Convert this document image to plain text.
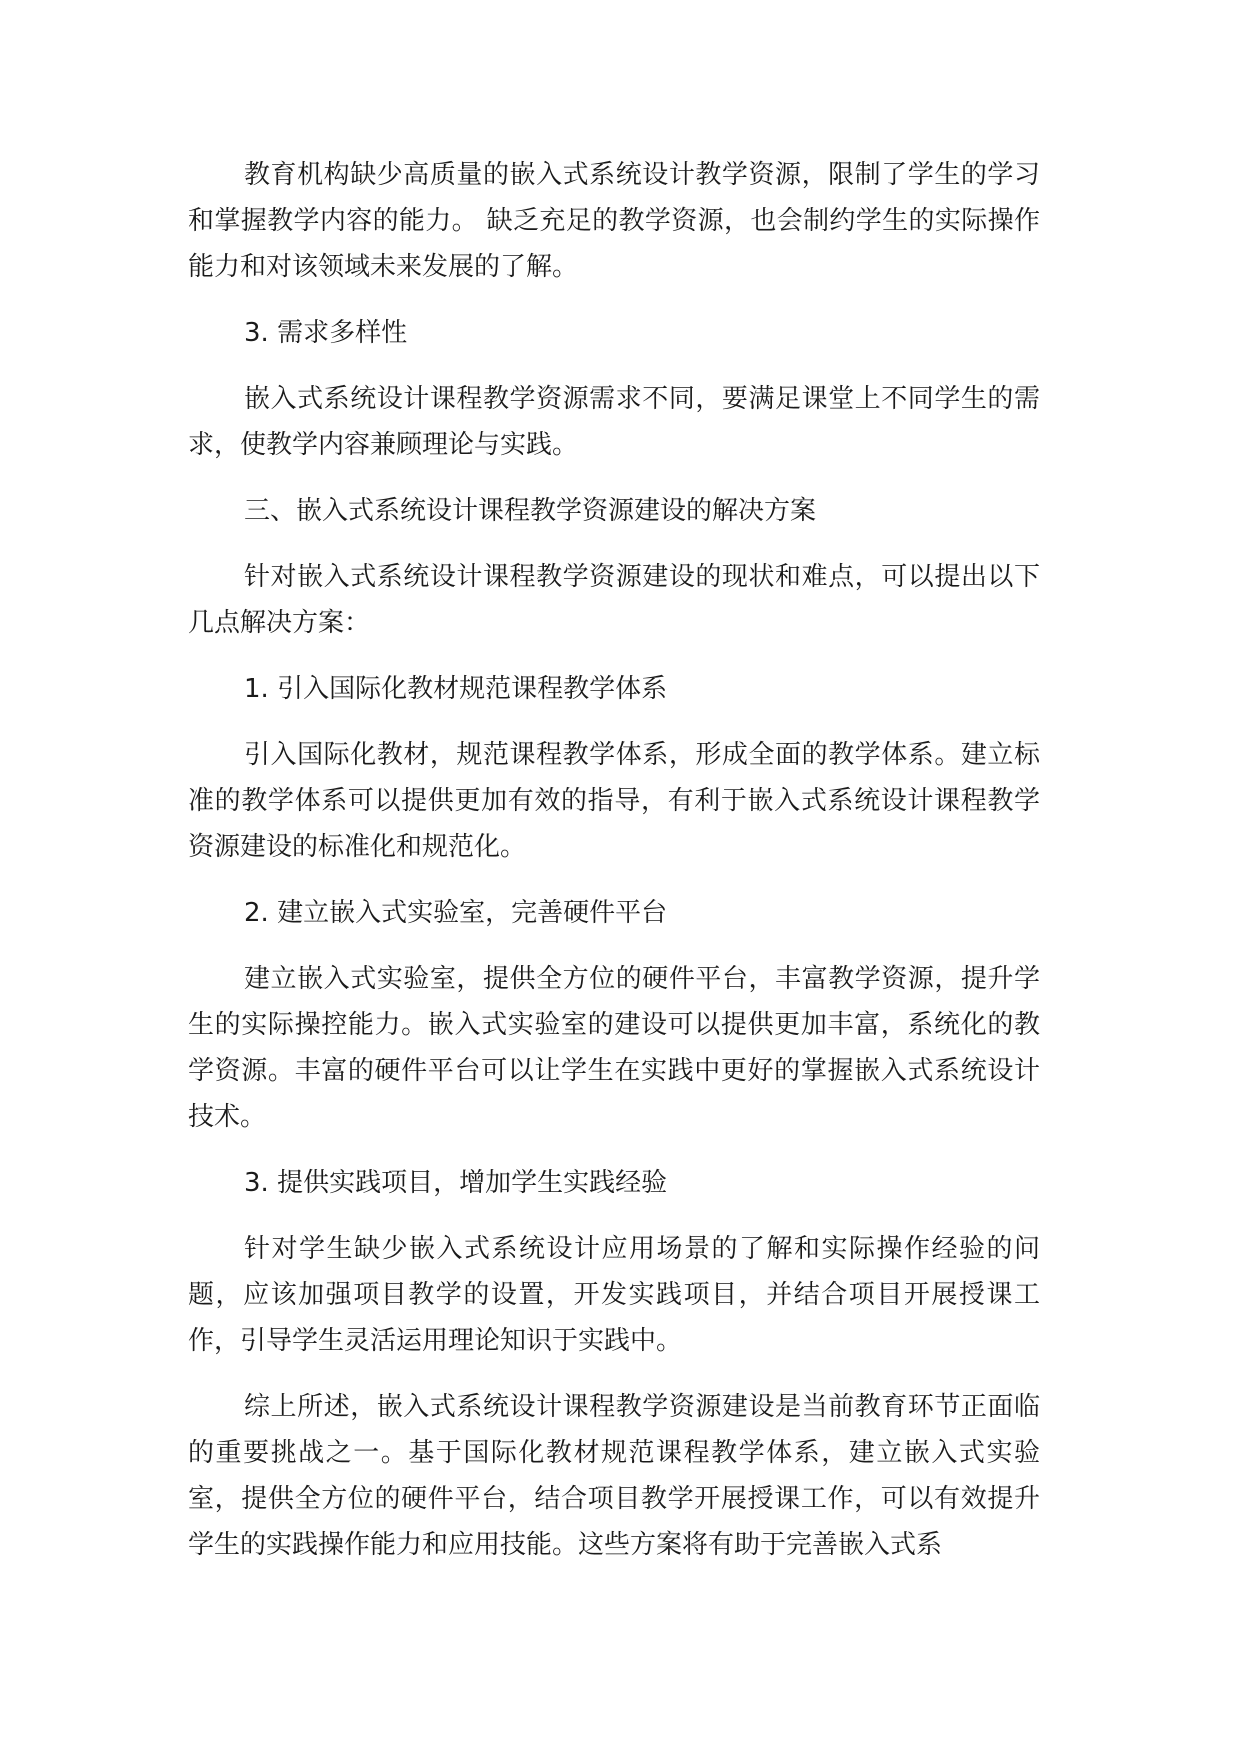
教育机构缺少高质量的嵌入式系统设计教学资源，限制了学生的学习和掌握教学内容的能力。 缺乏充足的教学资源，也会制约学生的实际操作能力和对该领域未来发展的了解。

3. 需求多样性

嵌入式系统设计课程教学资源需求不同，要满足课堂上不同学生的需求，使教学内容兼顾理论与实践。

三、嵌入式系统设计课程教学资源建设的解决方案

针对嵌入式系统设计课程教学资源建设的现状和难点，可以提出以下几点解决方案：

1. 引入国际化教材规范课程教学体系

引入国际化教材，规范课程教学体系，形成全面的教学体系。建立标准的教学体系可以提供更加有效的指导，有利于嵌入式系统设计课程教学资源建设的标准化和规范化。

2. 建立嵌入式实验室，完善硬件平台

建立嵌入式实验室，提供全方位的硬件平台，丰富教学资源，提升学生的实际操控能力。嵌入式实验室的建设可以提供更加丰富，系统化的教学资源。丰富的硬件平台可以让学生在实践中更好的掌握嵌入式系统设计技术。

3. 提供实践项目，增加学生实践经验

针对学生缺少嵌入式系统设计应用场景的了解和实际操作经验的问题，应该加强项目教学的设置，开发实践项目，并结合项目开展授课工作，引导学生灵活运用理论知识于实践中。

综上所述，嵌入式系统设计课程教学资源建设是当前教育环节正面临的重要挑战之一。基于国际化教材规范课程教学体系，建立嵌入式实验室，提供全方位的硬件平台，结合项目教学开展授课工作，可以有效提升学生的实践操作能力和应用技能。这些方案将有助于完善嵌入式系
